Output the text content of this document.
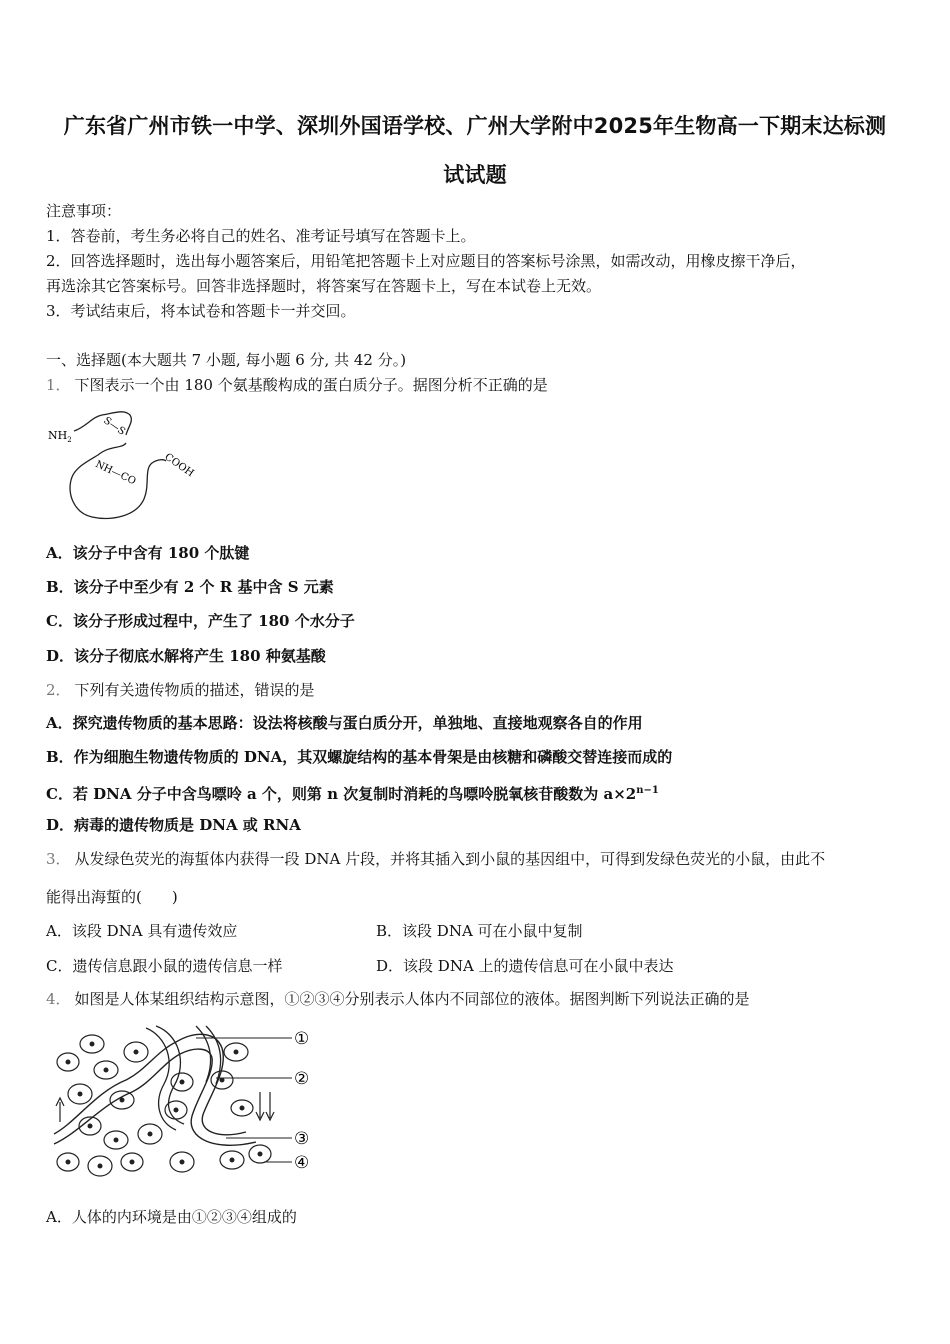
广东省广州市铁一中学、深圳外国语学校、广州大学附中2025年生物高一下期末达标测
试试题
注意事项：
1．答卷前，考生务必将自己的姓名、准考证号填写在答题卡上。
2．回答选择题时，选出每小题答案后，用铅笔把答题卡上对应题目的答案标号涂黑，如需改动，用橡皮擦干净后，
再选涂其它答案标号。回答非选择题时，将答案写在答题卡上，写在本试卷上无效。
3．考试结束后，将本试卷和答题卡一并交回。
一、选择题(本大题共 7 小题, 每小题 6 分, 共 42 分。)
1． 下图表示一个由 180 个氨基酸构成的蛋白质分子。据图分析不正确的是
$NH_2$
S—S
NH—CO COOH
A．该分子中含有 180 个肽键
B．该分子中至少有 2 个 R 基中含 S 元素
C．该分子形成过程中，产生了 180 个水分子
D．该分子彻底水解将产生 180 种氨基酸
2． 下列有关遗传物质的描述，错误的是
A．探究遗传物质的基本思路：设法将核酸与蛋白质分开，单独地、直接地观察各自的作用
B．作为细胞生物遗传物质的 DNA，其双螺旋结构的基本骨架是由核糖和磷酸交替连接而成的
C．若 DNA 分子中含鸟嘌呤 a 个，则第 n 次复制时消耗的鸟嘌呤脱氧核苷酸数为 $a\times 2^{n-1}$
D．病毒的遗传物质是 DNA 或 RNA
3． 从发绿色荧光的海蜇体内获得一段 DNA 片段，并将其插入到小鼠的基因组中，可得到发绿色荧光的小鼠，由此不
能得出海蜇的(　　)
A．该段 DNA 具有遗传效应	B．该段 DNA 可在小鼠中复制
C．遗传信息跟小鼠的遗传信息一样	D．该段 DNA 上的遗传信息可在小鼠中表达
4． 如图是人体某组织结构示意图，①②③④分别表示人体内不同部位的液体。据图判断下列说法正确的是
①
②
③
④
A．人体的内环境是由①②③④组成的
